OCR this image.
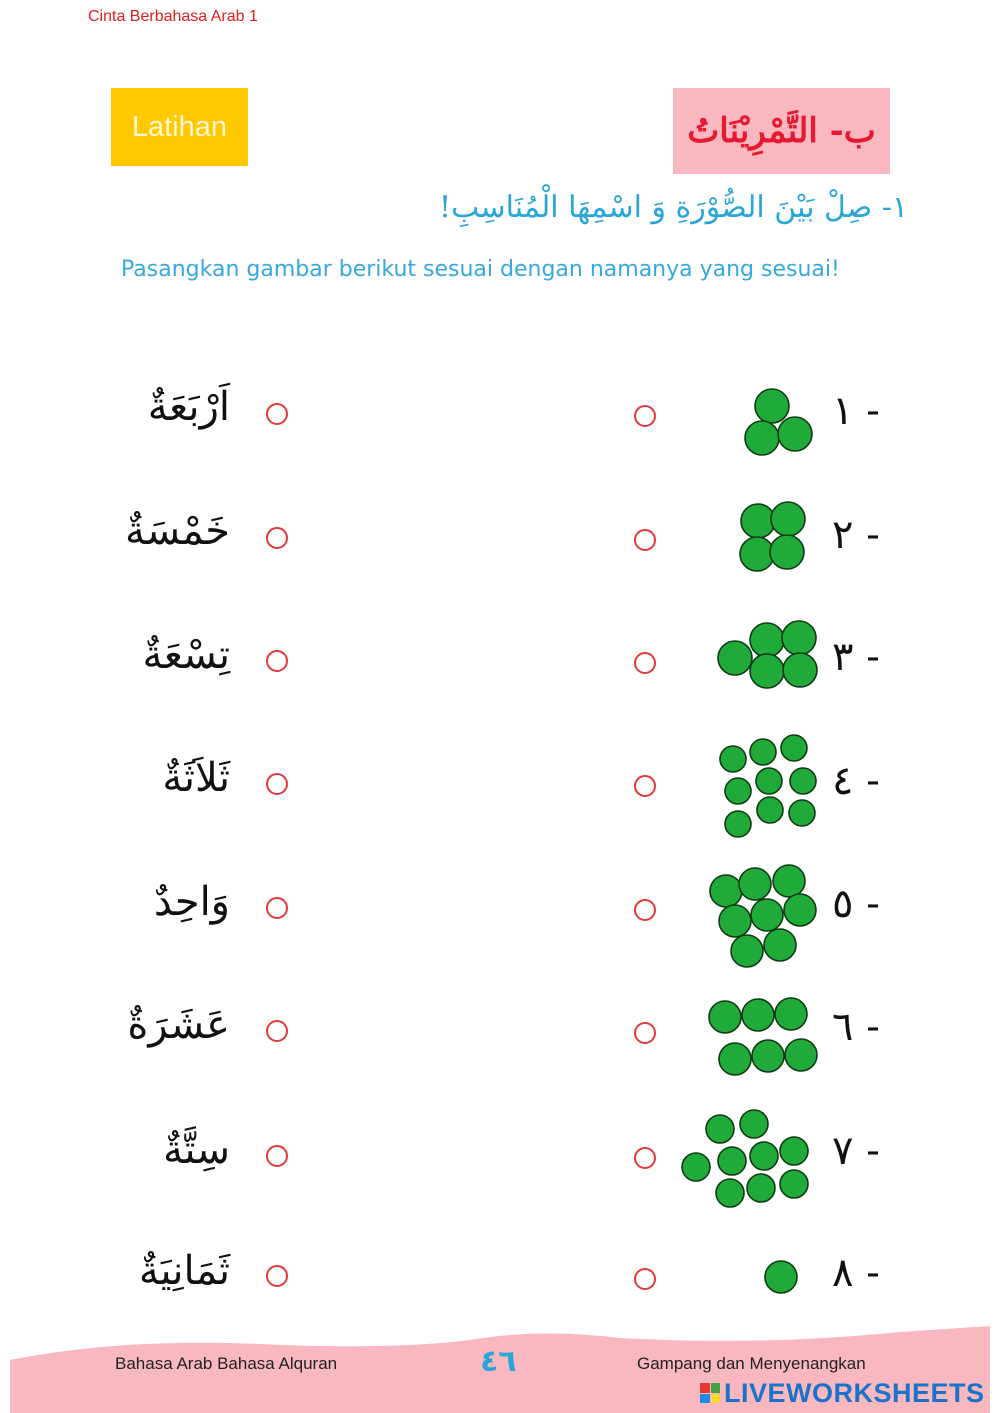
Cinta Berbahasa Arab 1
Latihan	ب- التَّمْرِيْنَاتُ
١- صِلْ بَيْنَ الصُّوْرَةِ وَ اسْمِهَا الْمُنَاسِبِ!
Pasangkan gambar berikut sesuai dengan namanya yang sesuai!
اَرْبَعَةٌ
خَمْسَةٌ
تِسْعَةٌ
ثَلاَثَةٌ
وَاحِدٌ
عَشَرَةٌ
سِتَّةٌ
ثَمَانِيَةٌ
١ -
٢ -
٣ -
٤ -
٥ -
٦ -
٧ -
٨ -
Bahasa Arab Bahasa Alquran	٤٦	Gampang dan Menyenangkan
LIVEWORKSHEETS
